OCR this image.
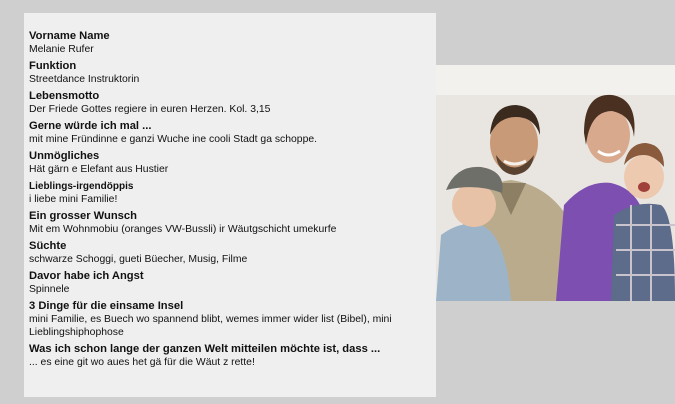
Vorname Name
Melanie Rufer
Funktion
Streetdance Instruktorin
Lebensmotto
Der Friede Gottes regiere in euren Herzen. Kol. 3,15
Gerne würde ich mal ...
mit mine Fründinne e ganzi Wuche ine cooli Stadt ga schoppe.
Unmögliches
Hät gärn e Elefant aus Hustier
Lieblings-irgendöppis
i liebe mini Familie!
Ein grosser Wunsch
Mit em Wohnmobiu (oranges VW-Bussli) ir Wäutgschicht umekurfe
Süchte
schwarze Schoggi, gueti Büecher, Musig, Filme
Davor habe ich Angst
Spinnele
3 Dinge für die einsame Insel
mini Familie, es Buech wo spannend blibt, wemes immer wider list (Bibel), mini Lieblingshiphophose
Was ich schon lange der ganzen Welt mitteilen möchte ist, dass ...
... es eine git wo aues het gä für die Wäut z rette!
